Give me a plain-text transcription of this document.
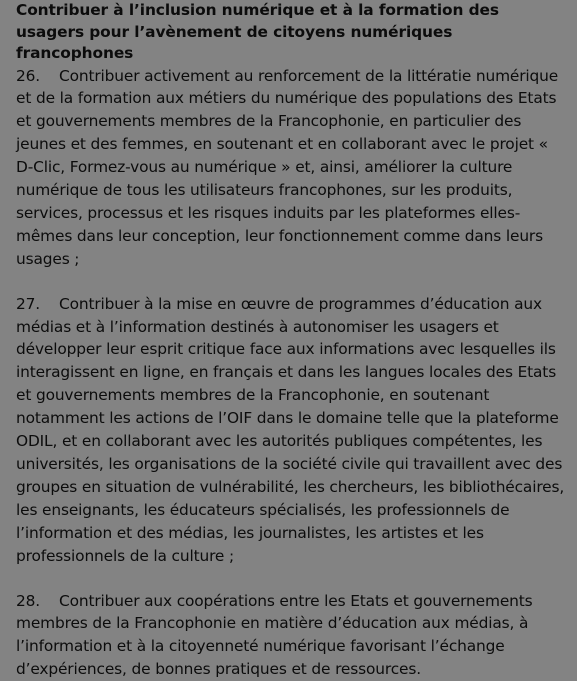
Contribuer à l’inclusion numérique et à la formation des usagers pour l’avènement de citoyens numériques francophones

26. Contribuer activement au renforcement de la littératie numérique et de la formation aux métiers du numérique des populations des Etats et gouvernements membres de la Francophonie, en particulier des jeunes et des femmes, en soutenant et en collaborant avec le projet « D-Clic, Formez-vous au numérique » et, ainsi, améliorer la culture numérique de tous les utilisateurs francophones, sur les produits, services, processus et les risques induits par les plateformes elles-mêmes dans leur conception, leur fonctionnement comme dans leurs usages ;

27. Contribuer à la mise en œuvre de programmes d’éducation aux médias et à l’information destinés à autonomiser les usagers et développer leur esprit critique face aux informations avec lesquelles ils interagissent en ligne, en français et dans les langues locales des Etats et gouvernements membres de la Francophonie, en soutenant notamment les actions de l’OIF dans le domaine telle que la plateforme ODIL, et en collaborant avec les autorités publiques compétentes, les universités, les organisations de la société civile qui travaillent avec des groupes en situation de vulnérabilité, les chercheurs, les bibliothécaires, les enseignants, les éducateurs spécialisés, les professionnels de l’information et des médias, les journalistes, les artistes et les professionnels de la culture ;

28. Contribuer aux coopérations entre les Etats et gouvernements membres de la Francophonie en matière d’éducation aux médias, à l’information et à la citoyenneté numérique favorisant l’échange d’expériences, de bonnes pratiques et de ressources.
